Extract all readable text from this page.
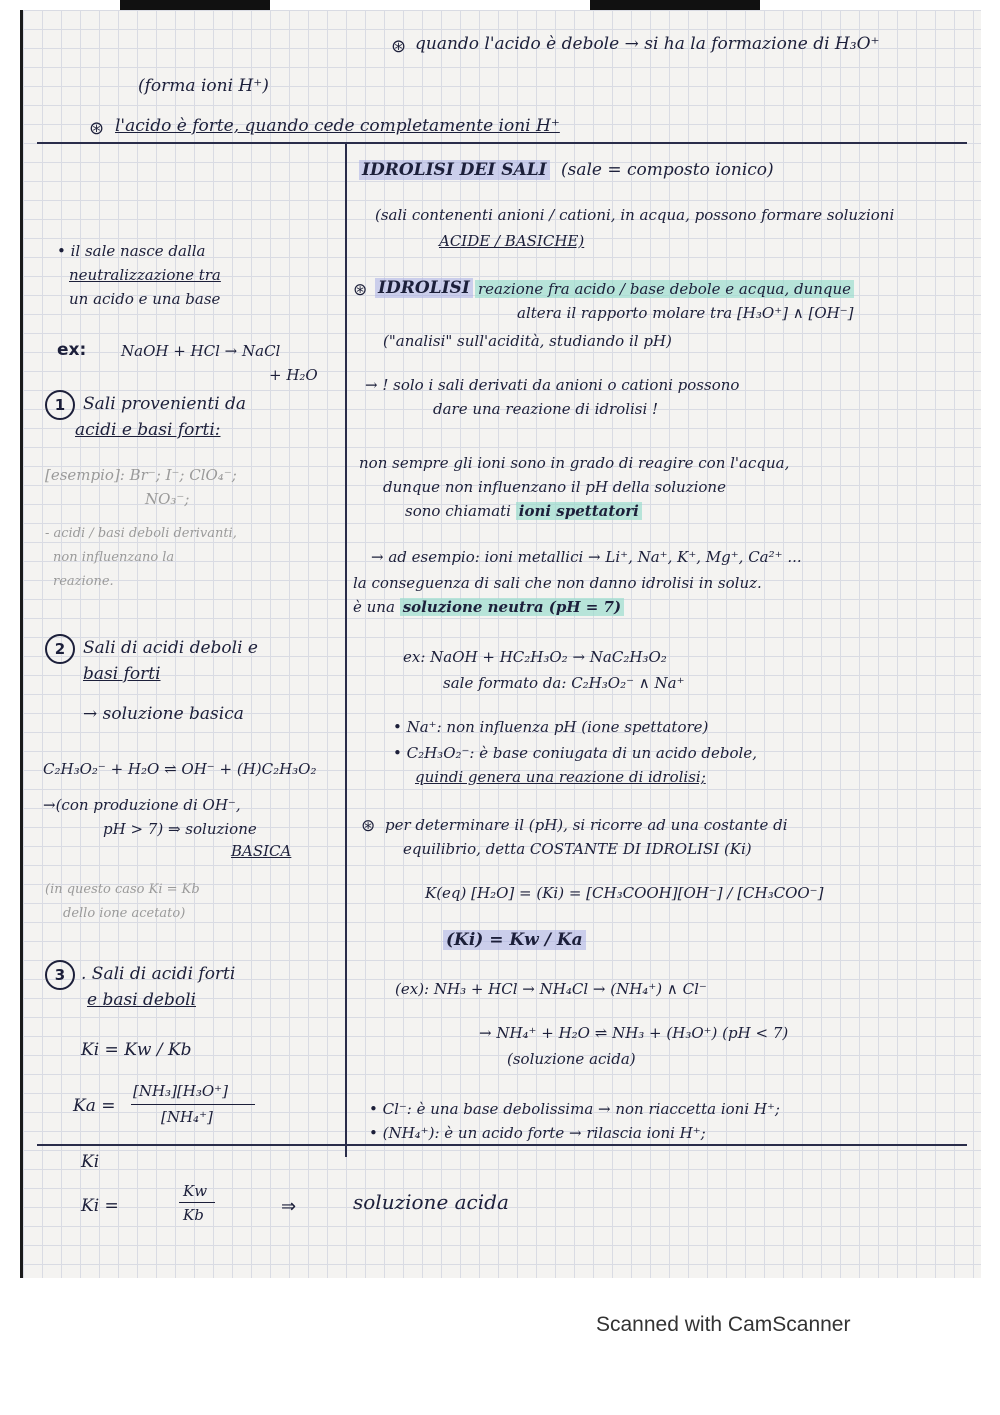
⊛ quando l'acido è debole → si ha la formazione di H₃O⁺
(forma ioni H⁺)
⊛ l'acido è forte, quando cede completamente ioni H⁺
IDROLISI DEI SALI (sale = composto ionico)
(sali contenenti anioni / cationi, in acqua, possono formare soluzioni
ACIDE / BASICHE)
⊛ IDROLISI reazione fra acido / base debole e acqua, dunque
altera il rapporto molare tra [H₃O⁺] ∧ [OH⁻]
("analisi" sull'acidità, studiando il pH)
→ ! solo i sali derivati da anioni o cationi possono
dare una reazione di idrolisi !
non sempre gli ioni sono in grado di reagire con l'acqua,
dunque non influenzano il pH della soluzione
sono chiamati ioni spettatori
→ ad esempio: ioni metallici → Li⁺, Na⁺, K⁺, Mg⁺, Ca²⁺ ...
la conseguenza di sali che non danno idrolisi in soluz.
è una soluzione neutra (pH = 7)
ex: NaOH + HC₂H₃O₂ → NaC₂H₃O₂
sale formato da: C₂H₃O₂⁻ ∧ Na⁺
• Na⁺: non influenza pH (ione spettatore)
• C₂H₃O₂⁻: è base coniugata di un acido debole,
quindi genera una reazione di idrolisi;
⊛ per determinare il (pH), si ricorre ad una costante di
equilibrio, detta COSTANTE DI IDROLISI (Ki)
K(eq) [H₂O] = (Ki) = [CH₃COOH][OH⁻] / [CH₃COO⁻]
(Ki) = Kw / Ka
(ex): NH₃ + HCl → NH₄Cl → (NH₄⁺) ∧ Cl⁻
→ NH₄⁺ + H₂O ⇌ NH₃ + (H₃O⁺) (pH < 7)
(soluzione acida)
• Cl⁻: è una base debolissima → non riaccetta ioni H⁺;
• (NH₄⁺): è un acido forte → rilascia ioni H⁺;
• il sale nasce dalla
neutralizzazione tra
un acido e una base
ex: NaOH + HCl → NaCl
+ H₂O
1	Sali provenienti da
acidi e basi forti:
[esempio]: Br⁻; I⁻; ClO₄⁻;
NO₃⁻;
- acidi / basi deboli derivanti,
non influenzano la
reazione.
2	Sali di acidi deboli e
basi forti
→ soluzione basica
C₂H₃O₂⁻ + H₂O ⇌ OH⁻ + (H)C₂H₃O₂
→(con produzione di OH⁻,
pH > 7) ⇒ soluzione
BASICA
(in questo caso Ki = Kb
dello ione acetato)
3 . Sali di acidi forti
e basi deboli
Ki = Kw / Kb
Ka =
[NH₃][H₃O⁺]
[NH₄⁺]
Ki
Ki =
Kw
Kb	⇒	soluzione acida
Scanned with CamScanner
